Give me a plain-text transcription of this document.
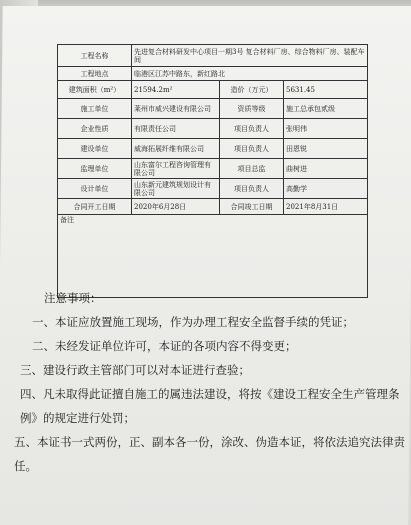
工程名称	先进复合材料研发中心项目一期3号 复合材料厂房、综合物料厂房、装配车间		
工程地点	临港区江苏中路东，新红路北		
建筑面积（m²）	21594.2m²	造价（万元）	5631.45
施工单位	莱州市威兴建设有限公司	资质等级	施工总承包贰级
企业性质	有限责任公司	项目负责人	张明伟
建设单位	威海拓展纤维有限公司	项目负责人	田恩锐
监理单位	山东富尔工程咨询管理有限公司	项目总监	曲树进
设计单位	山东新元建筑规划设计有限公司	项目负责人	高勤学
合同开工日期	2020年6月28日	合同竣工日期	2021年8月31日
备注			
注意事项：
一、本证应放置施工现场，作为办理工程安全监督手续的凭证；
二、未经发证单位许可，本证的各项内容不得变更；
三、建设行政主管部门可以对本证进行查验；
四、凡未取得此证擅自施工的属违法建设，将按《建设工程安全生产管理条例》的规定进行处罚；
五、本证书一式两份，正、副本各一份，涂改、伪造本证，将依法追究法律责任。
